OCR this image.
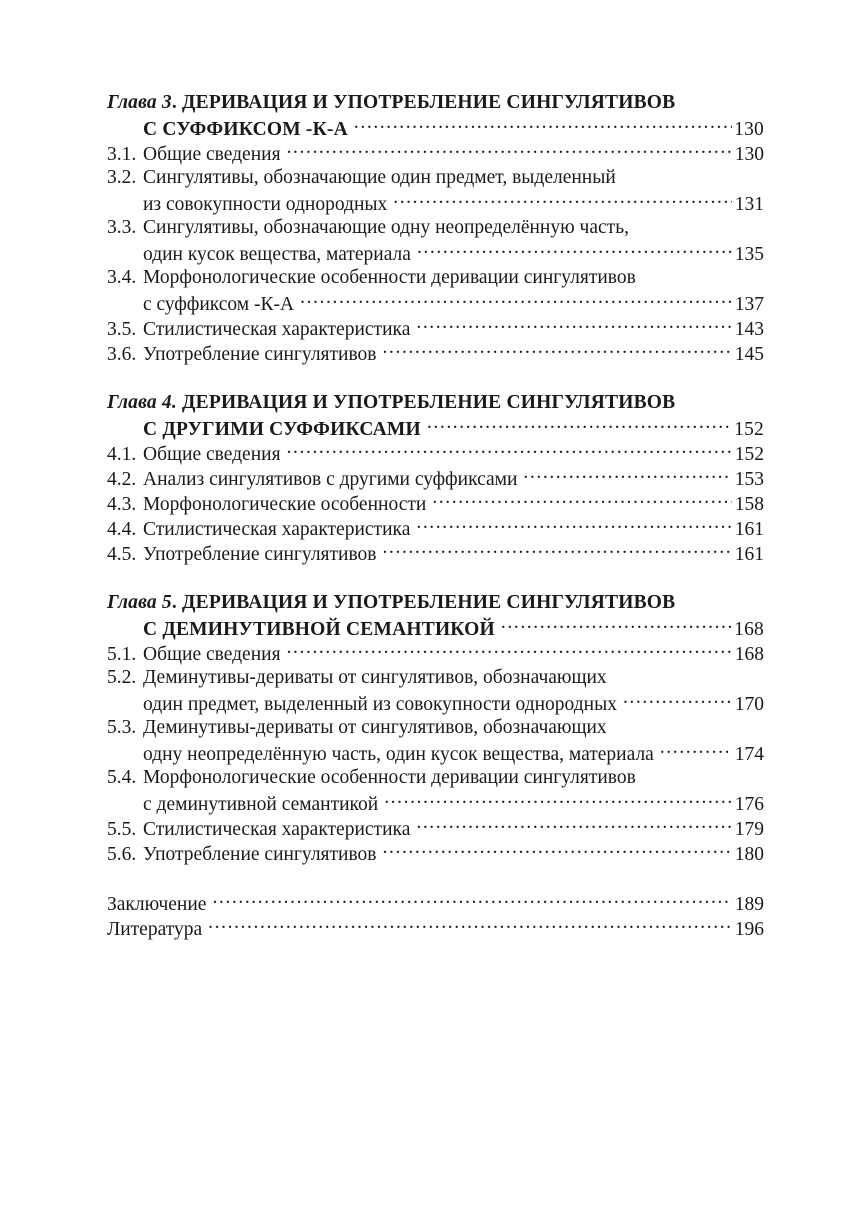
Глава 3 . ДЕРИВАЦИЯ И УПОТРЕБЛЕНИЕ СИНГУЛЯТИВОВ
С СУФФИКСОМ -К-А .....	130
3.1. Общие сведения .....	130
3.2. Сингулятивы, обозначающие один предмет, выделенный
из совокупности однородных .....	131
3.3. Сингулятивы, обозначающие одну неопределённую часть,
один кусок вещества, материала .....	135
3.4. Морфонологические особенности деривации сингулятивов
с суффиксом -К-А .....	137
3.5. Стилистическая характеристика .....	143
3.6. Употребление сингулятивов .....	145
Глава 4. ДЕРИВАЦИЯ И УПОТРЕБЛЕНИЕ СИНГУЛЯТИВОВ
С ДРУГИМИ СУФФИКСАМИ .....	152
4.1. Общие сведения .....	152
4.2. Анализ сингулятивов с другими суффиксами .....	153
4.3. Морфонологические особенности .....	158
4.4. Стилистическая характеристика .....	161
4.5. Употребление сингулятивов .....	161
Глава 5 . ДЕРИВАЦИЯ И УПОТРЕБЛЕНИЕ СИНГУЛЯТИВОВ
С ДЕМИНУТИВНОЙ СЕМАНТИКОЙ .....	168
5.1. Общие сведения .....	168
5.2. Деминутивы-дериваты от сингулятивов, обозначающих
один предмет, выделенный из совокупности однородных .....	170
5.3. Деминутивы-дериваты от сингулятивов, обозначающих
одну неопределённую часть, один кусок вещества, материала .....	174
5.4. Морфонологические особенности деривации сингулятивов
с деминутивной семантикой .....	176
5.5. Стилистическая характеристика .....	179
5.6. Употребление сингулятивов .....	180
Заключение .....	189
Литература .....	196
